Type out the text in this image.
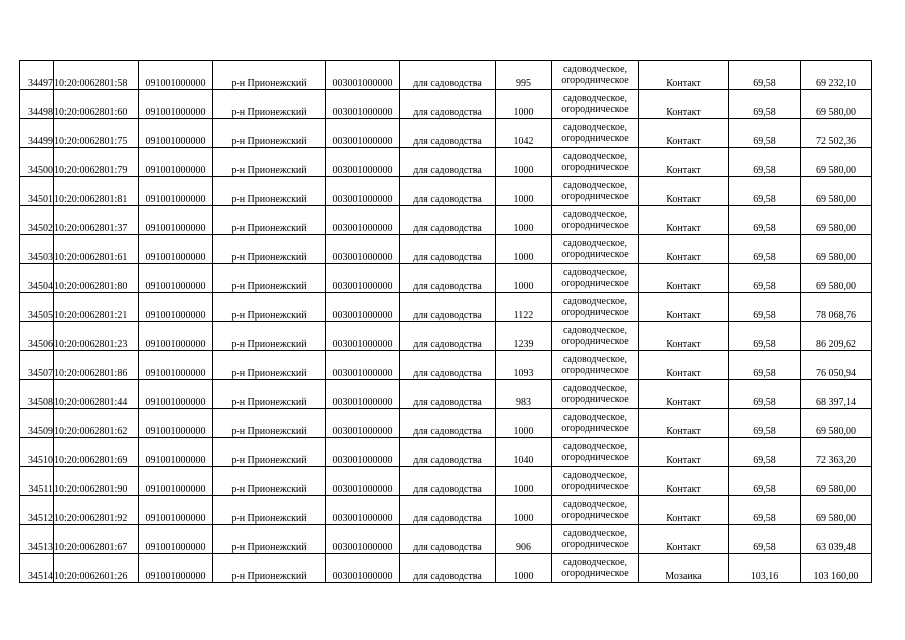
34497	10:20:0062801:58	091001000000	р-н Прионежский	003001000000	для садоводства	995	садоводческое,
огородническое	Контакт	69,58	69 232,10
34498	10:20:0062801:60	091001000000	р-н Прионежский	003001000000	для садоводства	1000	садоводческое,
огородническое	Контакт	69,58	69 580,00
34499	10:20:0062801:75	091001000000	р-н Прионежский	003001000000	для садоводства	1042	садоводческое,
огородническое	Контакт	69,58	72 502,36
34500	10:20:0062801:79	091001000000	р-н Прионежский	003001000000	для садоводства	1000	садоводческое,
огородническое	Контакт	69,58	69 580,00
34501	10:20:0062801:81	091001000000	р-н Прионежский	003001000000	для садоводства	1000	садоводческое,
огородническое	Контакт	69,58	69 580,00
34502	10:20:0062801:37	091001000000	р-н Прионежский	003001000000	для садоводства	1000	садоводческое,
огородническое	Контакт	69,58	69 580,00
34503	10:20:0062801:61	091001000000	р-н Прионежский	003001000000	для садоводства	1000	садоводческое,
огородническое	Контакт	69,58	69 580,00
34504	10:20:0062801:80	091001000000	р-н Прионежский	003001000000	для садоводства	1000	садоводческое,
огородническое	Контакт	69,58	69 580,00
34505	10:20:0062801:21	091001000000	р-н Прионежский	003001000000	для садоводства	1122	садоводческое,
огородническое	Контакт	69,58	78 068,76
34506	10:20:0062801:23	091001000000	р-н Прионежский	003001000000	для садоводства	1239	садоводческое,
огородническое	Контакт	69,58	86 209,62
34507	10:20:0062801:86	091001000000	р-н Прионежский	003001000000	для садоводства	1093	садоводческое,
огородническое	Контакт	69,58	76 050,94
34508	10:20:0062801:44	091001000000	р-н Прионежский	003001000000	для садоводства	983	садоводческое,
огородническое	Контакт	69,58	68 397,14
34509	10:20:0062801:62	091001000000	р-н Прионежский	003001000000	для садоводства	1000	садоводческое,
огородническое	Контакт	69,58	69 580,00
34510	10:20:0062801:69	091001000000	р-н Прионежский	003001000000	для садоводства	1040	садоводческое,
огородническое	Контакт	69,58	72 363,20
34511	10:20:0062801:90	091001000000	р-н Прионежский	003001000000	для садоводства	1000	садоводческое,
огородническое	Контакт	69,58	69 580,00
34512	10:20:0062801:92	091001000000	р-н Прионежский	003001000000	для садоводства	1000	садоводческое,
огородническое	Контакт	69,58	69 580,00
34513	10:20:0062801:67	091001000000	р-н Прионежский	003001000000	для садоводства	906	садоводческое,
огородническое	Контакт	69,58	63 039,48
34514	10:20:0062601:26	091001000000	р-н Прионежский	003001000000	для садоводства	1000	садоводческое,
огородническое	Мозаика	103,16	103 160,00
